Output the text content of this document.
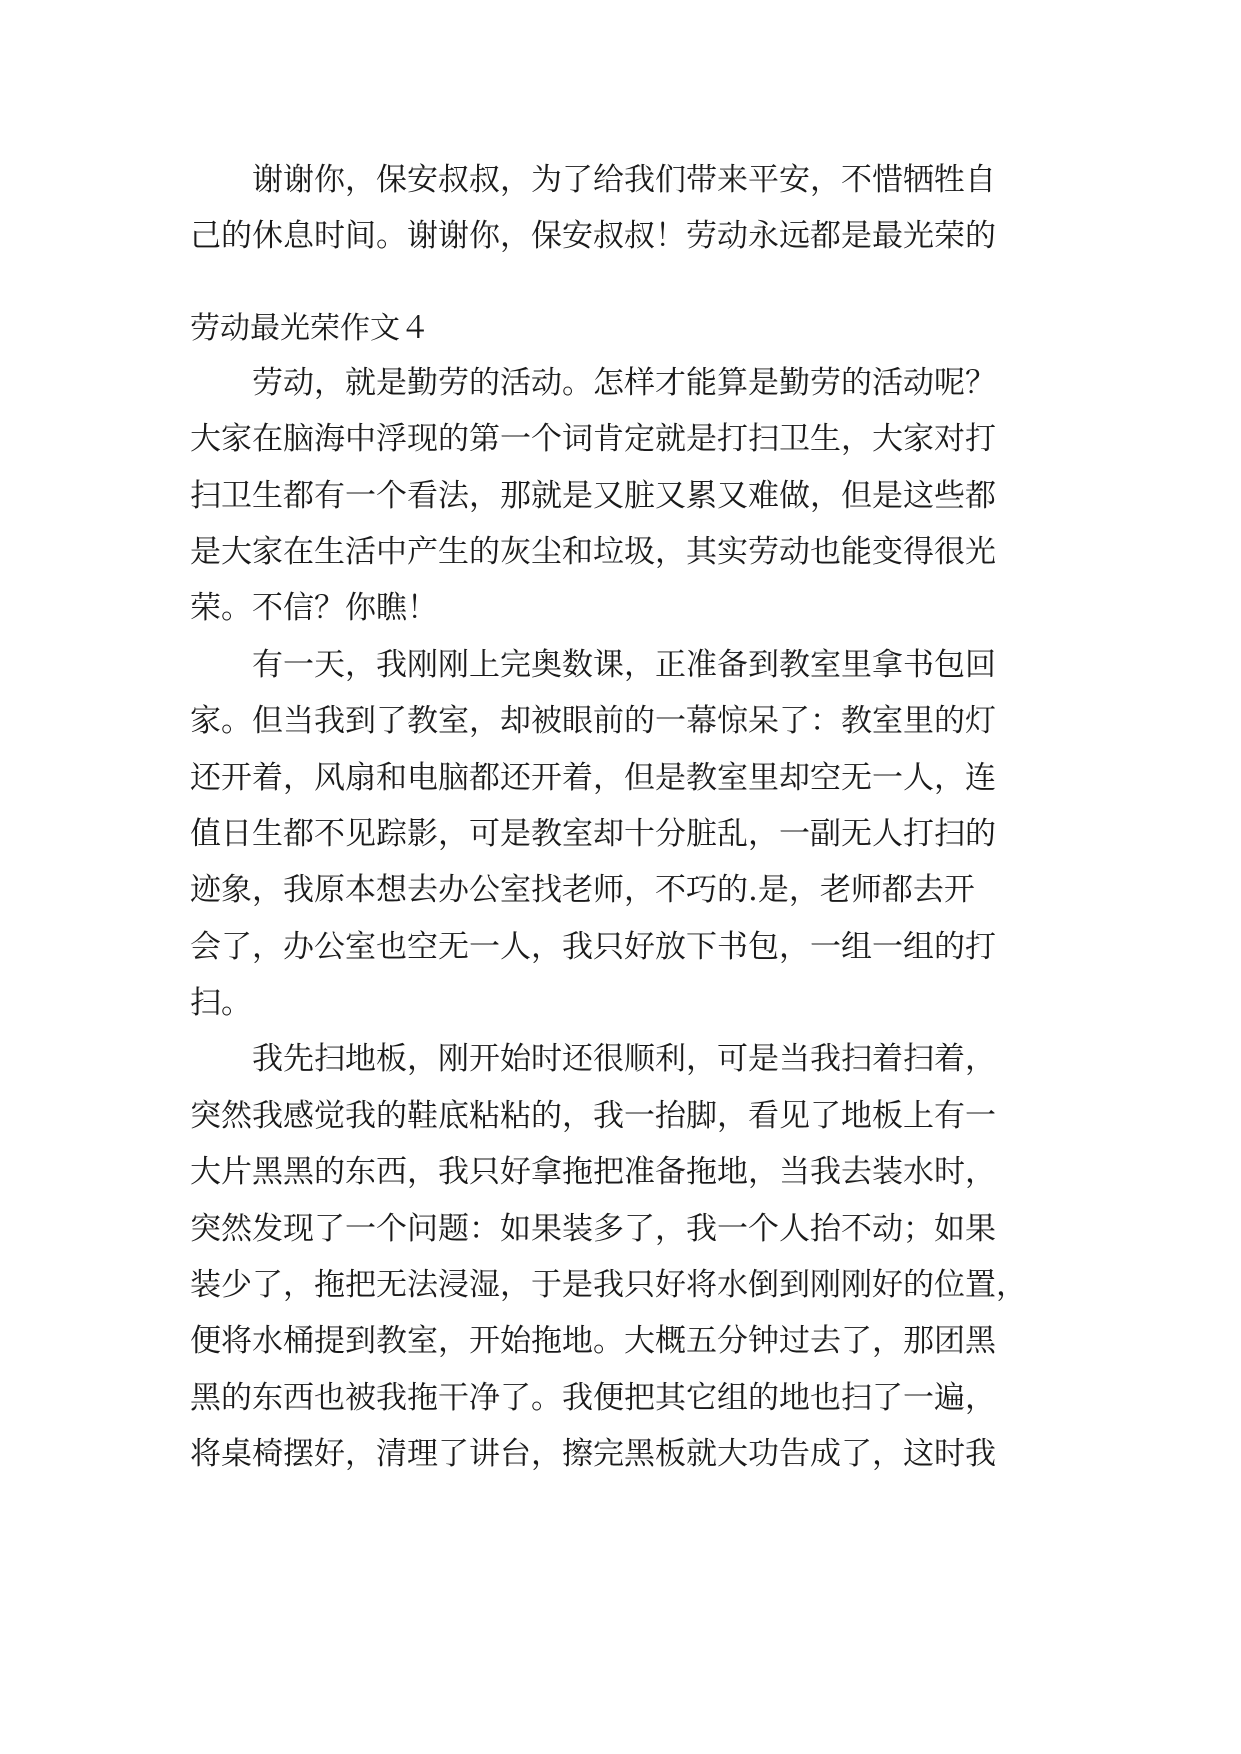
　　谢谢你，保安叔叔，为了给我们带来平安，不惜牺牲自
己的休息时间。谢谢你，保安叔叔！劳动永远都是最光荣的
劳动最光荣作文４
　　劳动，就是勤劳的活动。怎样才能算是勤劳的活动呢？
大家在脑海中浮现的第一个词肯定就是打扫卫生，大家对打
扫卫生都有一个看法，那就是又脏又累又难做，但是这些都
是大家在生活中产生的灰尘和垃圾，其实劳动也能变得很光
荣。不信？你瞧！
　　有一天，我刚刚上完奥数课，正准备到教室里拿书包回
家。但当我到了教室，却被眼前的一幕惊呆了：教室里的灯
还开着，风扇和电脑都还开着，但是教室里却空无一人，连
值日生都不见踪影，可是教室却十分脏乱，一副无人打扫的
迹象，我原本想去办公室找老师，不巧的.是，老师都去开
会了，办公室也空无一人，我只好放下书包，一组一组的打
扫。
　　我先扫地板，刚开始时还很顺利，可是当我扫着扫着，
突然我感觉我的鞋底粘粘的，我一抬脚，看见了地板上有一
大片黑黑的东西，我只好拿拖把准备拖地，当我去装水时，
突然发现了一个问题：如果装多了，我一个人抬不动；如果
装少了，拖把无法浸湿，于是我只好将水倒到刚刚好的位置，
便将水桶提到教室，开始拖地。大概五分钟过去了，那团黑
黑的东西也被我拖干净了。我便把其它组的地也扫了一遍，
将桌椅摆好，清理了讲台，擦完黑板就大功告成了，这时我
